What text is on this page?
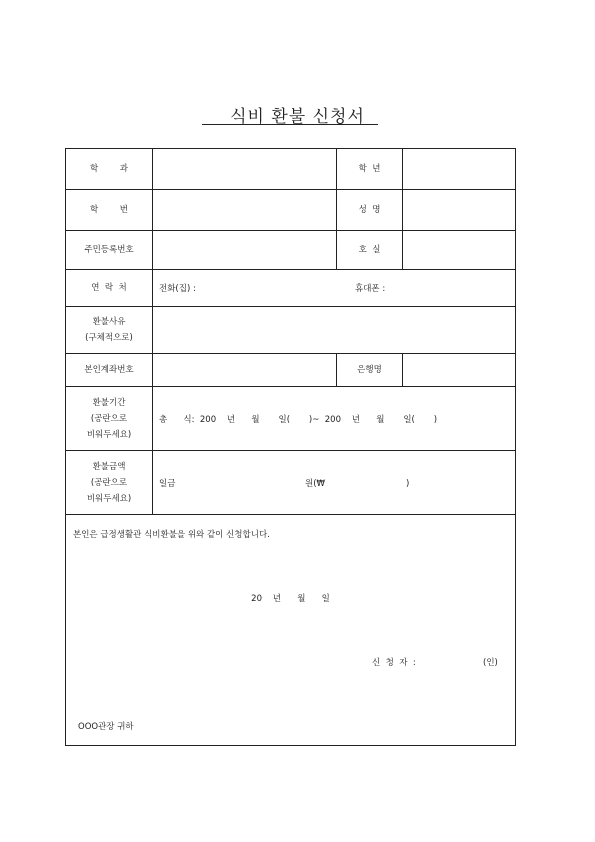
식비 환불 신청서
학        과		학  년	
학        번		성  명	
주민등록번호		호  실	
연  락  처	전화(집) : 휴대폰 :		
환불사유
(구체적으로)			
본인계좌번호		은행명	
환불기간
(공란으로
비워두세요)	총      식:  200    년      월       일(       )~  200    년      월       일(       )		
환불금액
(공란으로
비워두세요)	일금 원(₩                              )		

본인은 급정생활관 식비환불을 위와 같이 신청합니다.
20    년      월      일
신  청  자  : (인)
OOO관장 귀하			
